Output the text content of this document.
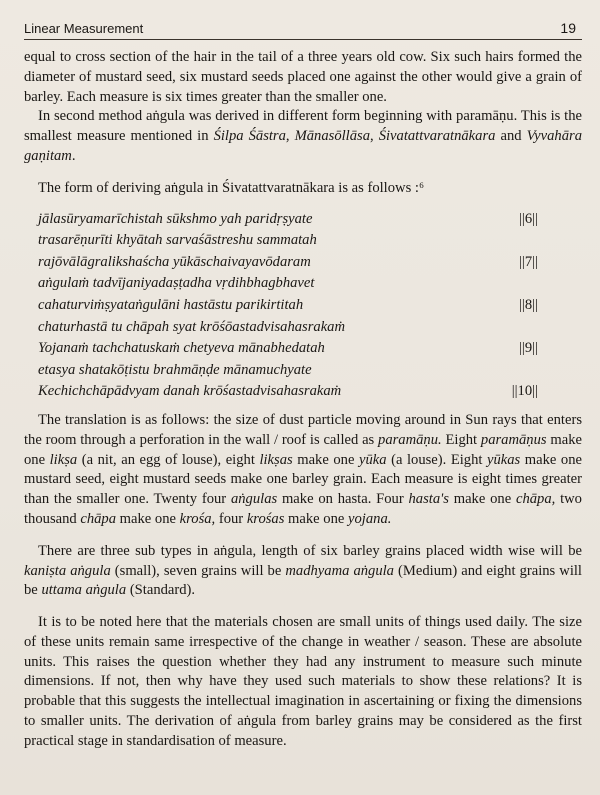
Linear Measurement	19

equal to cross section of the hair in the tail of a three years old cow. Six such hairs formed the diameter of mustard seed, six mustard seeds placed one against the other would give a grain of barley. Each measure is six times greater than the smaller one.

In second method aṅgula was derived in different form beginning with paramāṇu. This is the smallest measure mentioned in Śilpa Śāstra, Mānasōllāsa, Śivatattvaratnākara and Vyvahāra gaṇitam.

The form of deriving aṅgula in Śivatattvaratnākara is as follows :⁶

jālasūryamarīchistah sūkshmo yah paridṛṣyate	||6||
trasarēṇurīti khyātah sarvaśāstreshu sammatah
rajōvālāgralikshaścha yūkāschaivayavōdaram	||7||
aṅgulaṁ tadvījaniyadaṣṭadha vṛdihbhagbhavet
cahaturviṁṣyataṅgulāni hastāstu parikirtitah	||8||
chaturhastā tu chāpah syat krōśōastadvisahasrakaṁ
Yojanaṁ tachchatuskaṁ chetyeva mānabhedatah	||9||
etasya shatakōṭistu brahmāṇḍe mānamuchyate
Kechichchāpādvyam danah krōśastadvisahasrakaṁ	||10||

The translation is as follows: the size of dust particle moving around in Sun rays that enters the room through a perforation in the wall / roof is called as paramāṇu. Eight paramāṇus make one likṣa (a nit, an egg of louse), eight likṣas make one yūka (a louse). Eight yūkas make one mustard seed, eight mustard seeds make one barley grain. Each measure is eight times greater than the smaller one. Twenty four aṅgulas make on hasta. Four hasta's make one chāpa, two thousand chāpa make one krośa, four krośas make one yojana.

There are three sub types in aṅgula, length of six barley grains placed width wise will be kaniṣta aṅgula (small), seven grains will be madhyama aṅgula (Medium) and eight grains will be uttama aṅgula (Standard).

It is to be noted here that the materials chosen are small units of things used daily. The size of these units remain same irrespective of the change in weather / season. These are absolute units. This raises the question whether they had any instrument to measure such minute dimensions. If not, then why have they used such materials to show these relations? It is probable that this suggests the intellectual imagination in ascertaining or fixing the dimensions to smaller units. The derivation of aṅgula from barley grains may be considered as the first practical stage in standardisation of measure.
